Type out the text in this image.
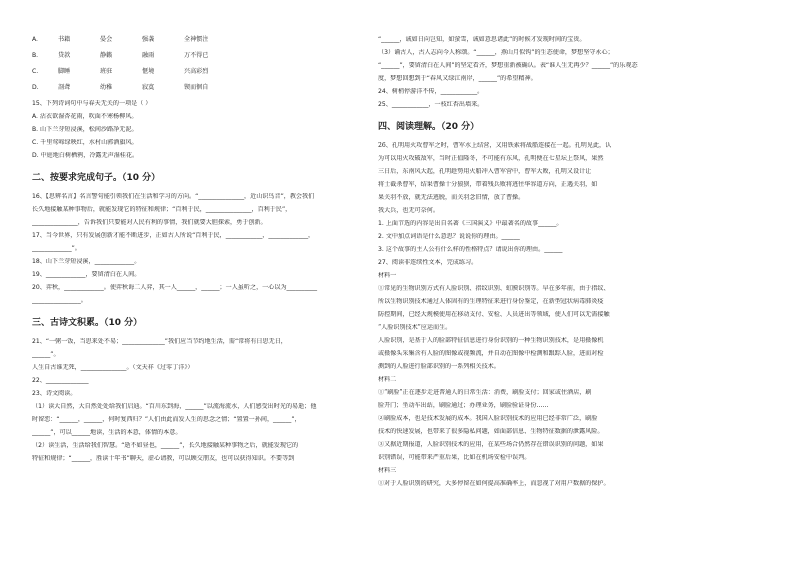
A.	书籍	晏会	强袭	全神惯注
B.	贷款	静籁	融雨	万不得已
C.	脚睡	班驻	惬境	兴高彩烈
D.	剖聋	幼稚	寂寞	锲而徊自

15、下列诗词句中与春天无关的一项是（ ）

A. 沾衣欲湿杏花雨，吹面不寒杨柳风。

B. 山下兰芽短浸溪，松间沙路净无泥。

C. 千里莺啼绿映红，水村山郭酒旗风。

D. 中庭地白树栖鸦，冷露无声湿桂花。

二、按要求完成句子。（10 分）

16、【思辨名言】名言警句能引领我们在生活和学习的方向。“_______________，近山识鸟音”，教会我们

长久地接触某种事物后，就能发现它的特征和规律；“百利于民，_______________，百利于民”，

_______________，告诉我们只要能对人民有利的事情，我们就要大胆探索，勇于创新。

17、当今世界，只有发展创新才能不断进步，正如古人所说“百利于民，____________，_____________，

_____________”。

18、山下兰芽短浸溪，_____________。

19、_____________，要留清白在人间。

20、弈秋，_____________。使弈秋诲二人弈，其一人______，______；一人虽听之，一心以为__________

________________。

三、古诗文积累。（10 分）

21、“一粥一饭，当思来处不易；______________”我们应当节约地生活，需“常将有日思无日，

______”。

人生自古谁无死，_______________。（文天祥《过零丁洋》）

22、______________

23、诗文阅读。

（1）读大自然，大自然处处给我们启迪。“百川东到海，______”以流海流水，人们感受出时光的易逝；他

时留恋：“______，______，何时复西归？”人们由此而发人生的思念之情；“置置一孙间，______”，

______”，可以______地读，生活的本意，体情的本意。

（2）读生活，生活给我们智慧。“逝不如昼也，______”，长久地接触某种事物之后，就能发现它的

特征和规律；“______，胜读十年书”聊天，虚心请教，可以顾交朋友，也可以获得知识。不要等到

“______，诚如日向岂知，如萤雪，诚如意思诸此”的时候才发现时间的宝贵。

（3）诵古人，古人志向今人称颂。“______，燕山月似钩”的生态使命，梦想坚守永心；

“______”，要留清白在人间”的坚定看齐，梦想重新被确认。表“谁人生无再少？______”的乐观态

度，梦想回想到于“春风又绿江南岸，______”的希望精神。

24、树梢停游洋不传，____________。

25、____________，一枝红杏出墙来。

四、阅读理解。（20 分）

26、孔明用火攻曹军之时，曹军水上结营，又用铁索将战船连接在一起。孔明见此，认

为可以用火攻破敌军，当时正值隆冬，不可能有东风，孔明便在七星坛上祭风，果然

三日后，东南风大起，孔明趁势用火船冲入曹军营中，曹军大败，孔明又设计让

将士截杀曹军，结果曹操十分狼狈，带着残兵败将逃往华容道方向，正遇关羽，如

果关羽不放，就无法逃脱，而关羽念旧情，放了曹操。

我大兵，也无可奈何。

1. 上面节选的内容是出自名著《三国演义》中最著名的故事______。

2. 文中加点词语是什么意思？说说你的理由。______

3. 这个故事的主人公有什么样的性格特点？请说出你的理由。______

27、阅读非连续性文本，完成练习。

材料一

①常见的生物识别方式有人脸识别、指纹识别、虹膜识别等。早在多年前，由于指纹、

所以生物识别技术通过人体固有的生理特征来进行身份鉴定，在新型冠状病毒肺炎疫

防控期间，已经大规模使用在移动支付、安检、人员进出等领域，使人们可以无需接触

“人脸识别技术”应运而生。

人脸识别，是基于人的脸部特征信息进行身份识别的一种生物识别技术，是用摄像机

或摄像头采集含有人脸的图像或视频流，并自动在图像中检测和跟踪人脸，进而对检

测到的人脸进行脸部识别的一系列相关技术。

材料二

①“刷脸”正在逐步走进普通人的日常生活：消费，刷脸支付；回家或住酒店，刷

脸开门；坐动车出站，刷脸通过；办理业务，刷脸验证身份……

②刷脸成本，也是技术发展的成本。我国人脸识别技术的应用已经非常广泛，刷脸

技术的快速发展，也带来了很多隐私问题，如面部信息、生物特征数据的泄露风险。

③又据近期报道，人脸识别技术的应用，在某些场合仍然存在错误识别的问题，如果

识别错误，可能带来严重后果，比如在机场安检中误判。

材料三

①对于人脸识别的研究，大多停留在如何提高准确率上，而忽视了对用户数据的保护。
